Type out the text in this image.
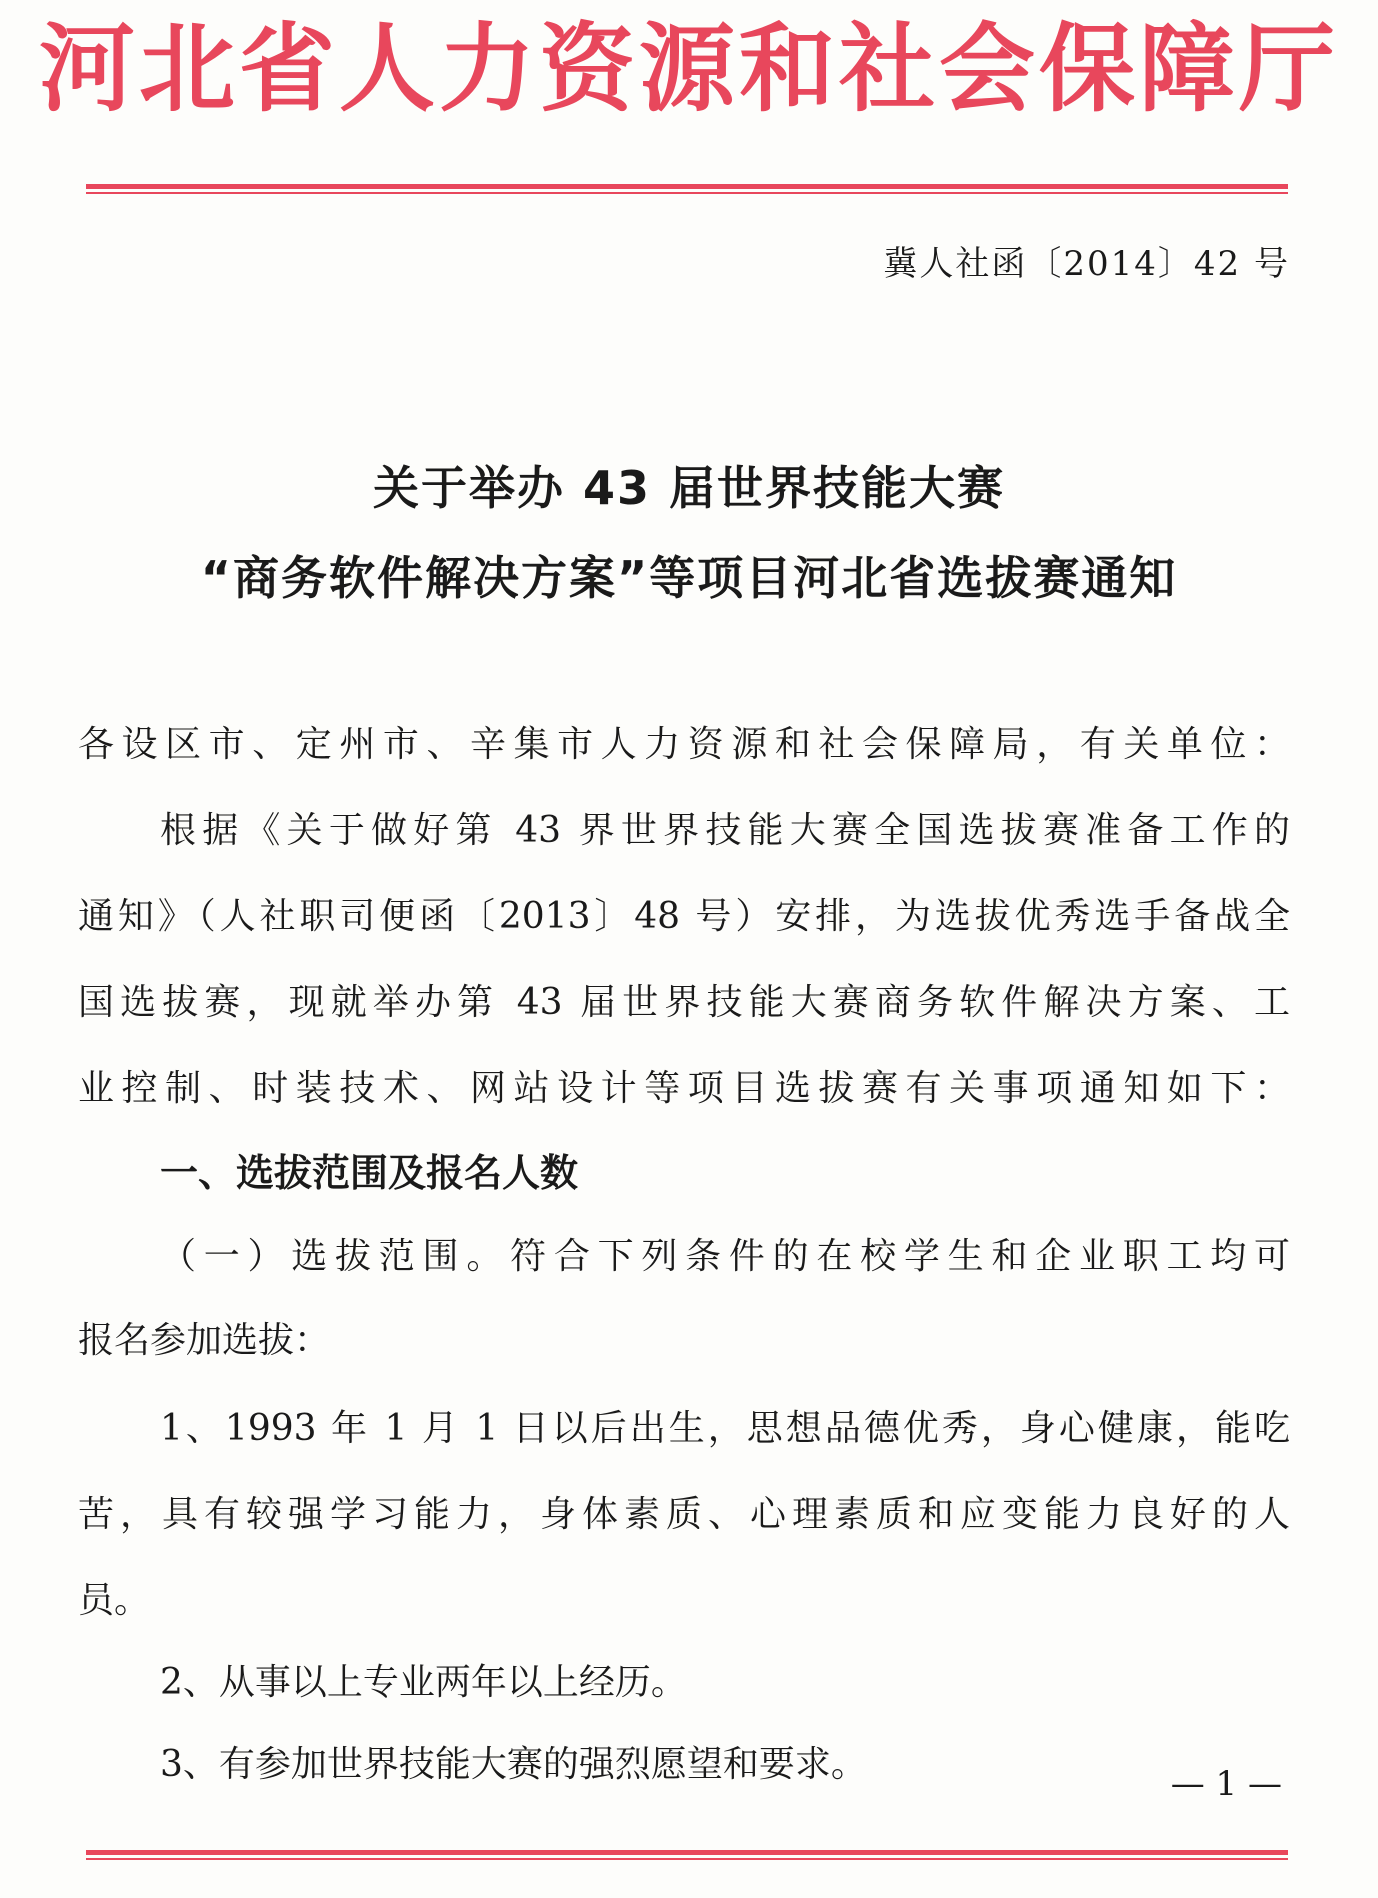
河北省人力资源和社会保障厅
冀人社函〔2014〕42 号
关于举办 43 届世界技能大赛
“商务软件解决方案”等项目河北省选拔赛通知
各设区市、定州市、辛集市人力资源和社会保障局，有关单位：
根据《关于做好第 43 界世界技能大赛全国选拔赛准备工作的
通知》（人社职司便函〔2013〕48 号）安排，为选拔优秀选手备战全
国选拔赛，现就举办第 43 届世界技能大赛商务软件解决方案、工
业控制、时装技术、网站设计等项目选拔赛有关事项通知如下：
一、选拔范围及报名人数
（一）选拔范围。符合下列条件的在校学生和企业职工均可
报名参加选拔：
1、1993 年 1 月 1 日以后出生，思想品德优秀，身心健康，能吃
苦，具有较强学习能力，身体素质、心理素质和应变能力良好的人
员。
2、从事以上专业两年以上经历。
3、有参加世界技能大赛的强烈愿望和要求。	— 1 —
